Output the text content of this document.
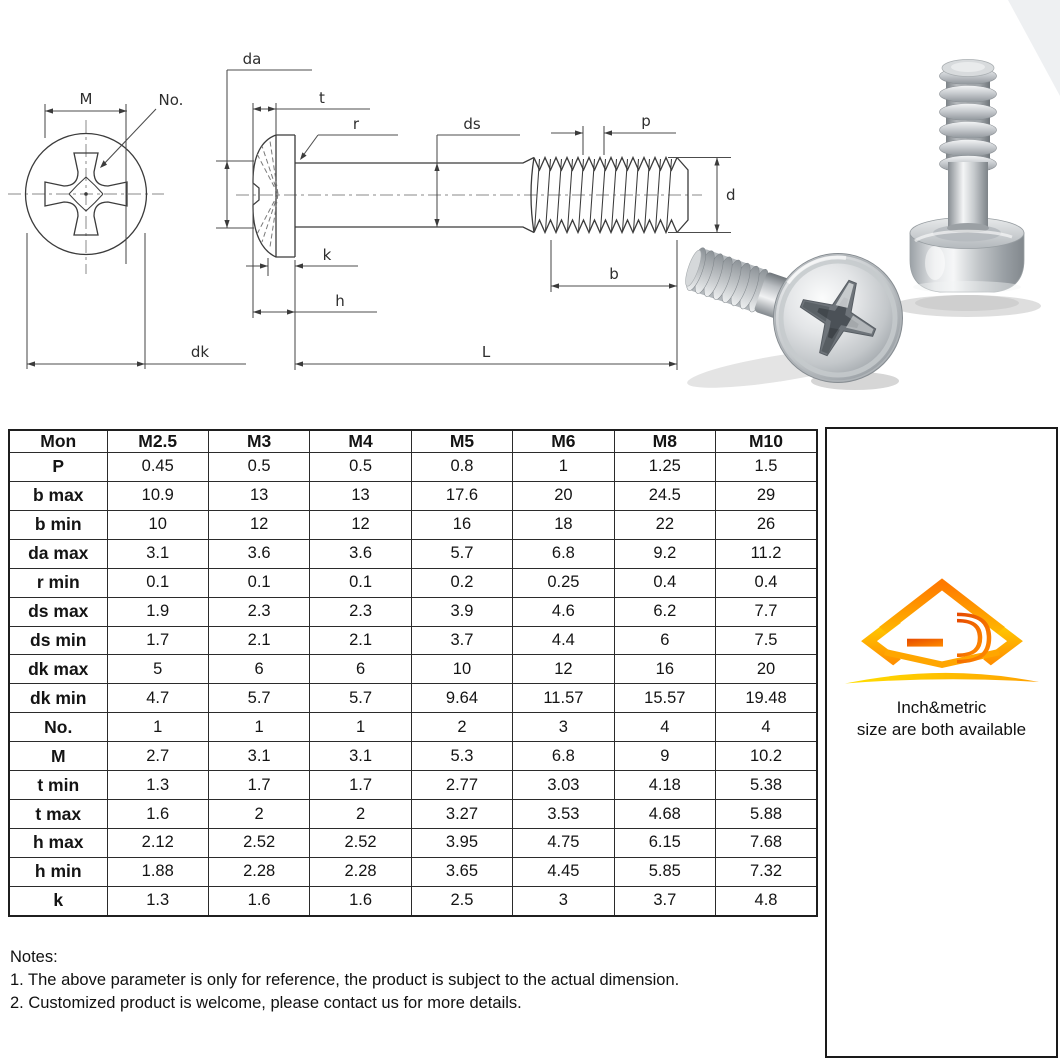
M	No.
dk
da
t
r	ds	p
d
b
k
h
L
Mon	M2.5	M3	M4	M5	M6	M8	M10
P	0.45	0.5	0.5	0.8	1	1.25	1.5
b max	10.9	13	13	17.6	20	24.5	29
b min	10	12	12	16	18	22	26
da max	3.1	3.6	3.6	5.7	6.8	9.2	11.2
r min	0.1	0.1	0.1	0.2	0.25	0.4	0.4
ds max	1.9	2.3	2.3	3.9	4.6	6.2	7.7
ds min	1.7	2.1	2.1	3.7	4.4	6	7.5
dk max	5	6	6	10	12	16	20
dk min	4.7	5.7	5.7	9.64	11.57	15.57	19.48
No.	1	1	1	2	3	4	4
M	2.7	3.1	3.1	5.3	6.8	9	10.2
t min	1.3	1.7	1.7	2.77	3.03	4.18	5.38
t max	1.6	2	2	3.27	3.53	4.68	5.88
h max	2.12	2.52	2.52	3.95	4.75	6.15	7.68
h min	1.88	2.28	2.28	3.65	4.45	5.85	7.32
k	1.3	1.6	1.6	2.5	3	3.7	4.8
Inch&metric
size are both available
Notes:
1. The above parameter is only for reference, the product is subject to the actual dimension.
2. Customized product is welcome, please contact us for more details.
